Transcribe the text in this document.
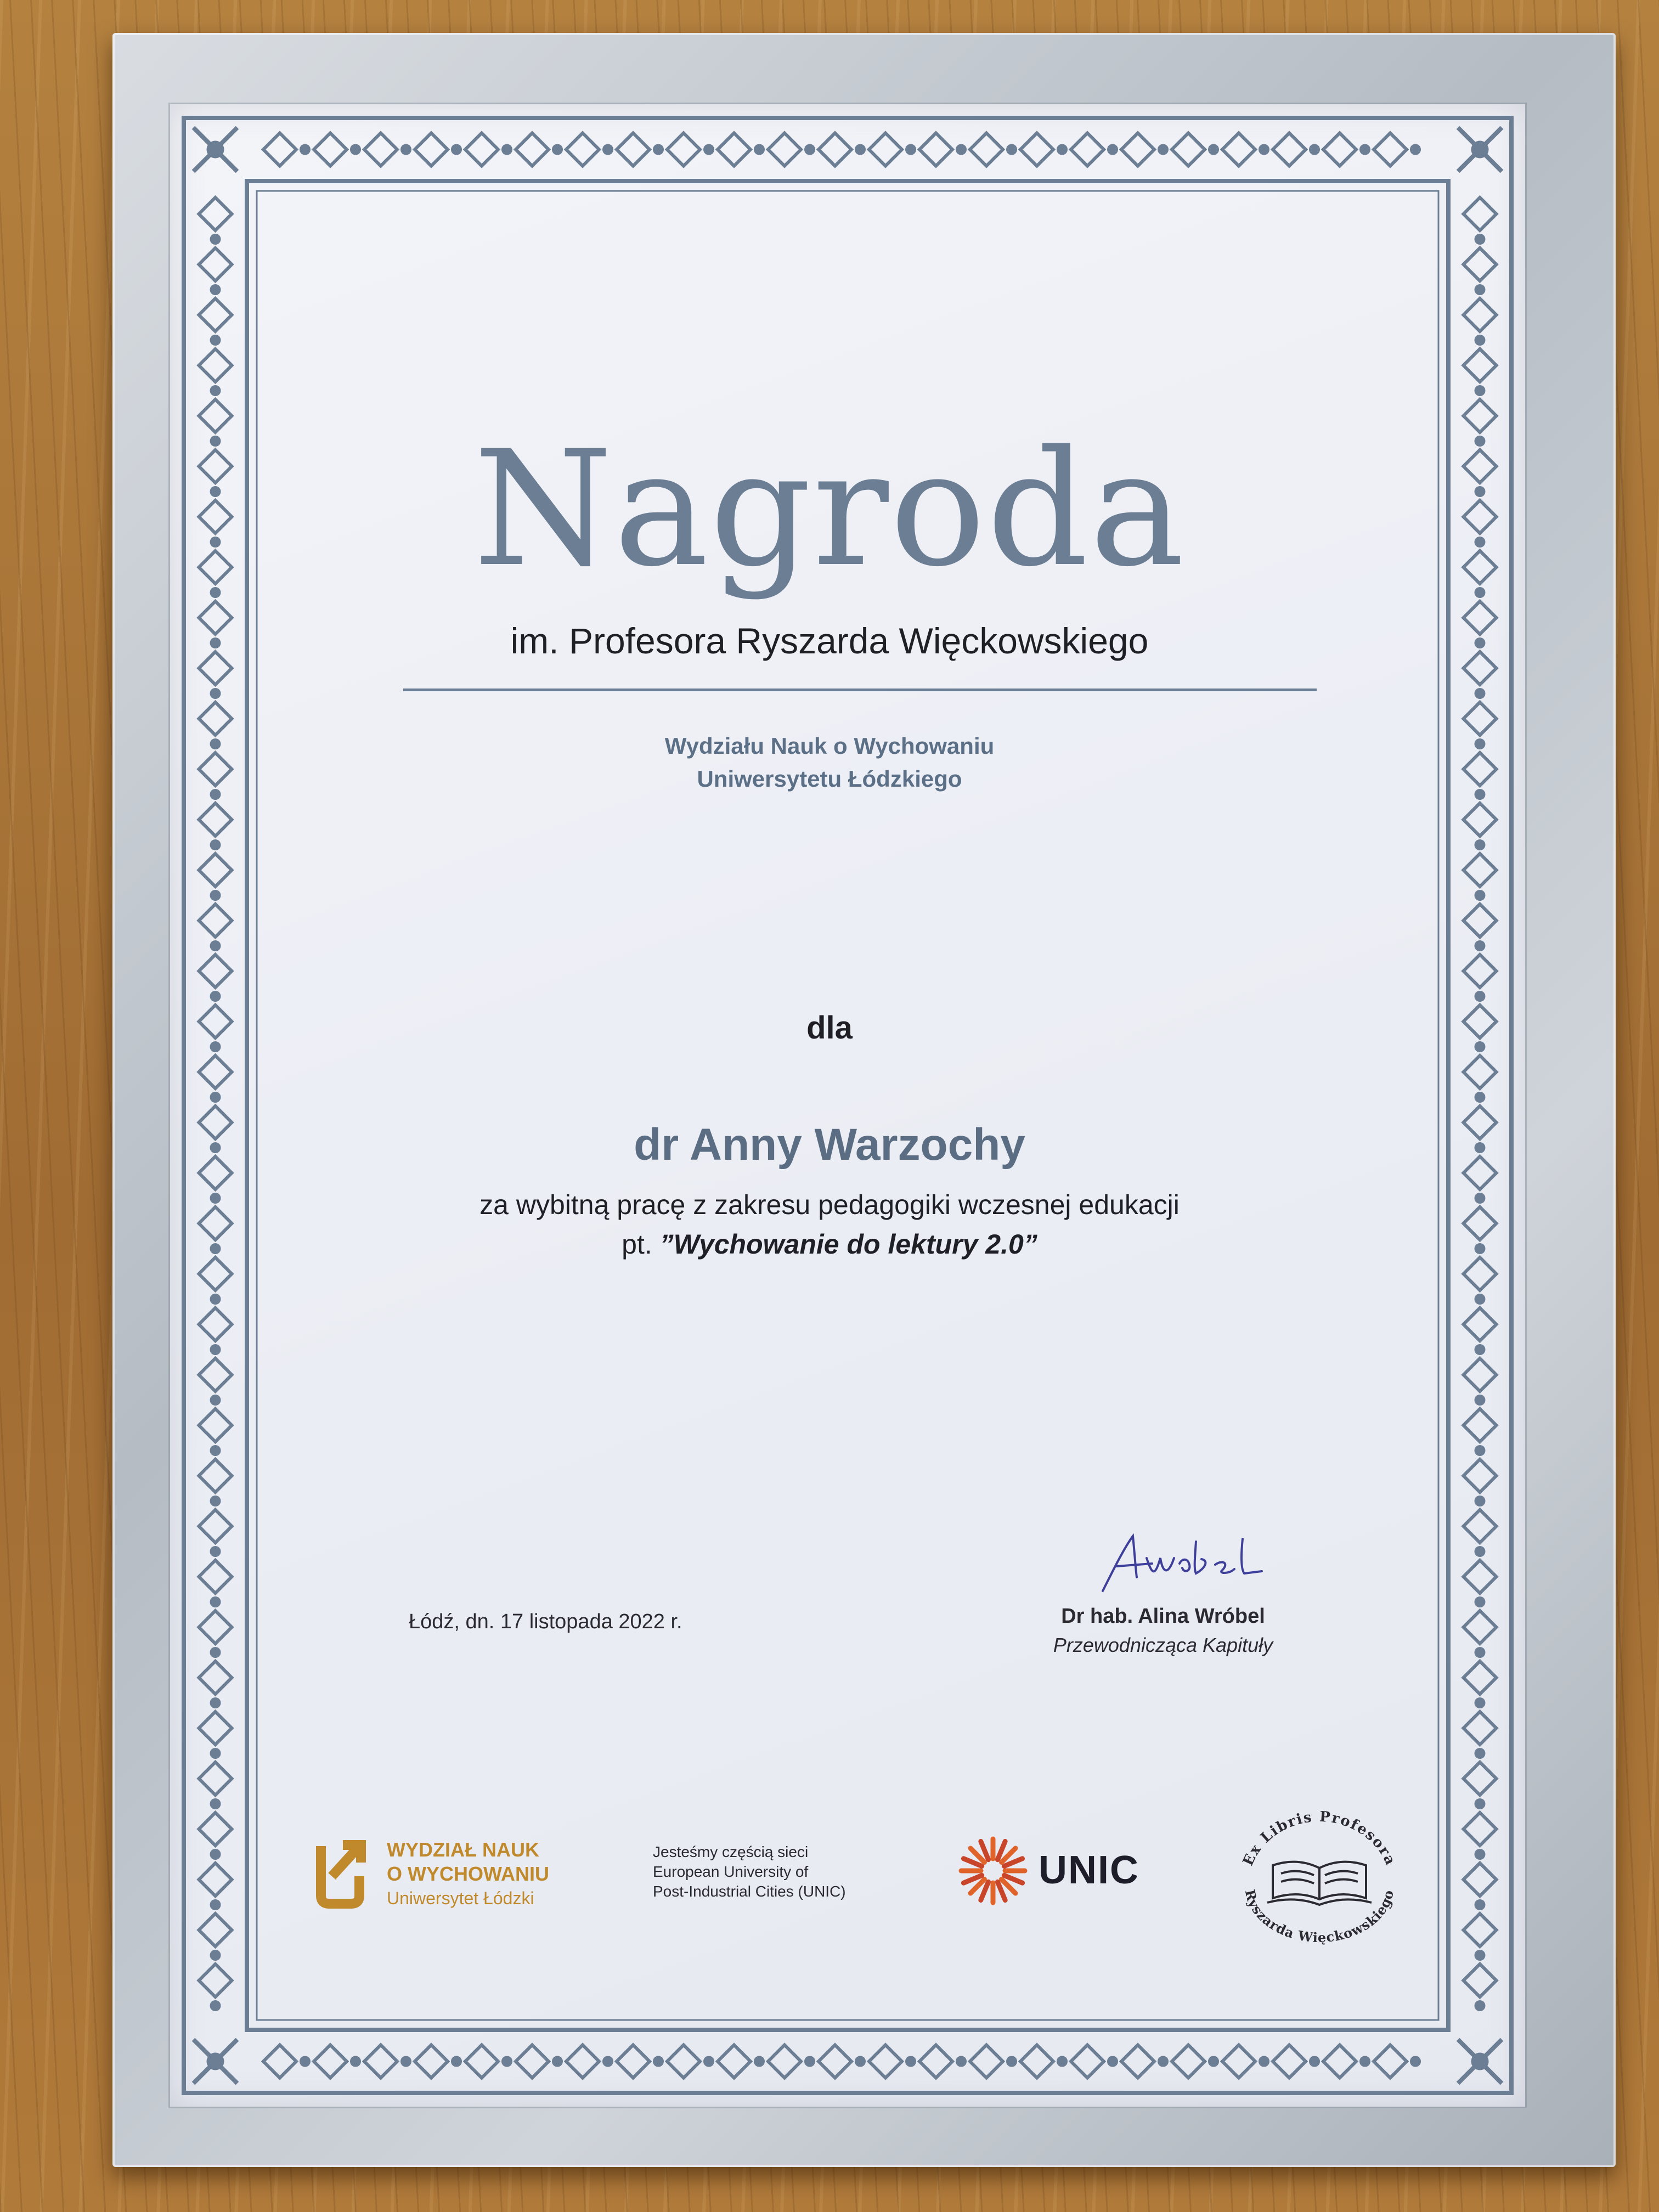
Nagroda
im. Profesora Ryszarda Więckowskiego
Wydziału Nauk o Wychowaniu
Uniwersytetu Łódzkiego
dla
dr Anny Warzochy
za wybitną pracę z zakresu pedagogiki wczesnej edukacji
pt. ”Wychowanie do lektury 2.0”
Łódź, dn. 17 listopada 2022 r.	Dr hab. Alina Wróbel
Przewodnicząca Kapituły
WYDZIAŁ NAUK
O WYCHOWANIU
Uniwersytet Łódzki
Jesteśmy częścią sieci
European University of
Post-Industrial Cities (UNIC)	UNIC	Ex Libris Profesora
Ryszarda Więckowskiego
